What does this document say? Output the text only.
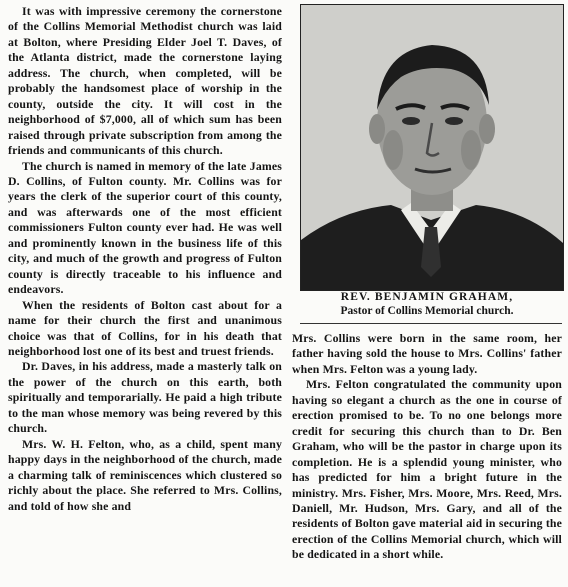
It was with impressive ceremony the cornerstone of the Collins Memorial Methodist church was laid at Bolton, where Presiding Elder Joel T. Daves, of the Atlanta district, made the cornerstone laying address. The church, when completed, will be probably the handsomest place of worship in the county, outside the city. It will cost in the neighborhood of $7,000, all of which sum has been raised through private subscription from among the friends and communicants of this church.

The church is named in memory of the late James D. Collins, of Fulton county. Mr. Collins was for years the clerk of the superior court of this county, and was afterwards one of the most efficient commissioners Fulton county ever had. He was well and prominently known in the business life of this city, and much of the growth and progress of Fulton county is directly traceable to his influence and endeavors.

When the residents of Bolton cast about for a name for their church the first and unanimous choice was that of Collins, for in his death that neighborhood lost one of its best and truest friends.

Dr. Daves, in his address, made a masterly talk on the power of the church on this earth, both spiritually and temporarially. He paid a high tribute to the man whose memory was being revered by this church.

Mrs. W. H. Felton, who, as a child, spent many happy days in the neighborhood of the church, made a charming talk of reminiscences which clustered so richly about the place. She referred to Mrs. Collins, and told of how she and

REV. BENJAMIN GRAHAM,
Pastor of Collins Memorial church.

Mrs. Collins were born in the same room, her father having sold the house to Mrs. Collins' father when Mrs. Felton was a young lady.

Mrs. Felton congratulated the community upon having so elegant a church as the one in course of erection promised to be. To no one belongs more credit for securing this church than to Dr. Ben Graham, who will be the pastor in charge upon its completion. He is a splendid young minister, who has predicted for him a bright future in the ministry. Mrs. Fisher, Mrs. Moore, Mrs. Reed, Mrs. Daniell, Mr. Hudson, Mrs. Gary, and all of the residents of Bolton gave material aid in securing the erection of the Collins Memorial church, which will be dedicated in a short while.
